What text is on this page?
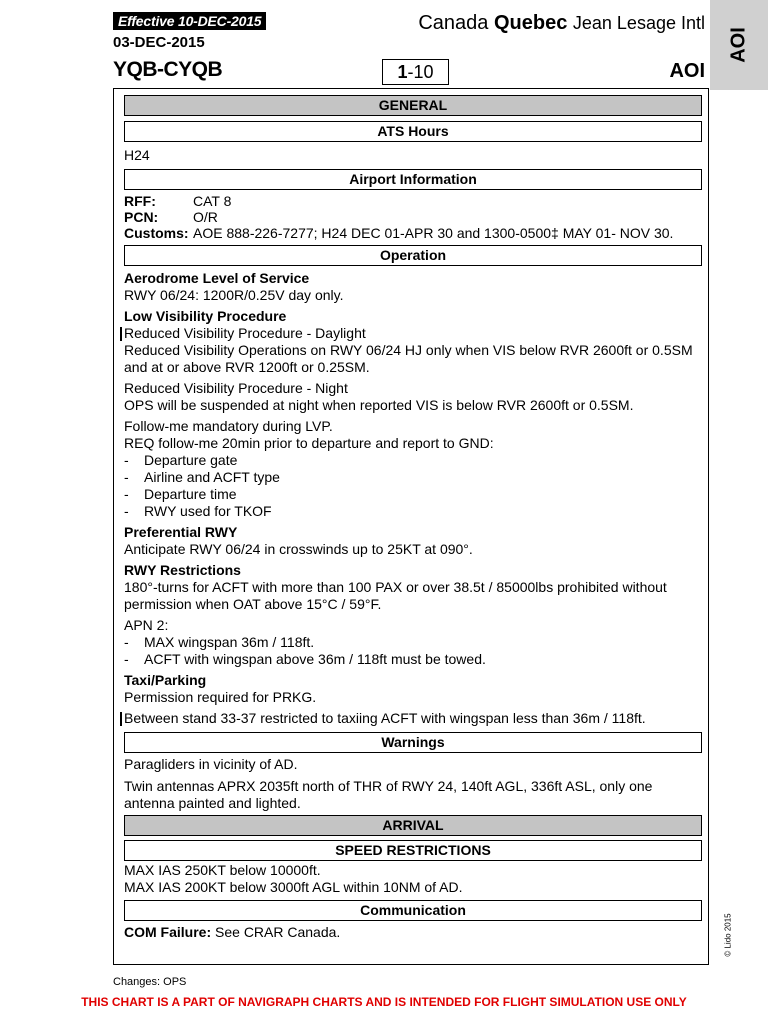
Effective 10-DEC-2015
03-DEC-2015
YQB-CYQB	1-10
Canada Quebec Jean Lesage Intl
AOI
AOI
GENERAL
ATS Hours
H24
Airport Information
RFF:	CAT 8
PCN:	O/R
Customs: AOE 888-226-7277; H24 DEC 01-APR 30 and 1300-0500‡ MAY 01- NOV 30.
Operation
Aerodrome Level of Service
RWY 06/24: 1200R/0.25V day only.
Low Visibility Procedure
Reduced Visibility Procedure - Daylight
Reduced Visibility Operations on RWY 06/24 HJ only when VIS below RVR 2600ft or 0.5SM and at or above RVR 1200ft or 0.25SM.
Reduced Visibility Procedure - Night
OPS will be suspended at night when reported VIS is below RVR 2600ft or 0.5SM.
Follow-me mandatory during LVP.
REQ follow-me 20min prior to departure and report to GND:
-	Departure gate
-	Airline and ACFT type
-	Departure time
-	RWY used for TKOF
Preferential RWY
Anticipate RWY 06/24 in crosswinds up to 25KT at 090°.
RWY Restrictions
180°-turns for ACFT with more than 100 PAX or over 38.5t / 85000lbs prohibited without permission when OAT above 15°C / 59°F.
APN 2:
-	MAX wingspan 36m / 118ft.
-	ACFT with wingspan above 36m / 118ft must be towed.
Taxi/Parking
Permission required for PRKG.
Between stand 33-37 restricted to taxiing ACFT with wingspan less than 36m / 118ft.
Warnings
Paragliders in vicinity of AD.
Twin antennas APRX 2035ft north of THR of RWY 24, 140ft AGL, 336ft ASL, only one antenna painted and lighted.
ARRIVAL
SPEED RESTRICTIONS
MAX IAS 250KT below 10000ft.
MAX IAS 200KT below 3000ft AGL within 10NM of AD.
Communication
COM Failure: See CRAR Canada.
Changes: OPS
THIS CHART IS A PART OF NAVIGRAPH CHARTS AND IS INTENDED FOR FLIGHT SIMULATION USE ONLY
© Lido 2015
